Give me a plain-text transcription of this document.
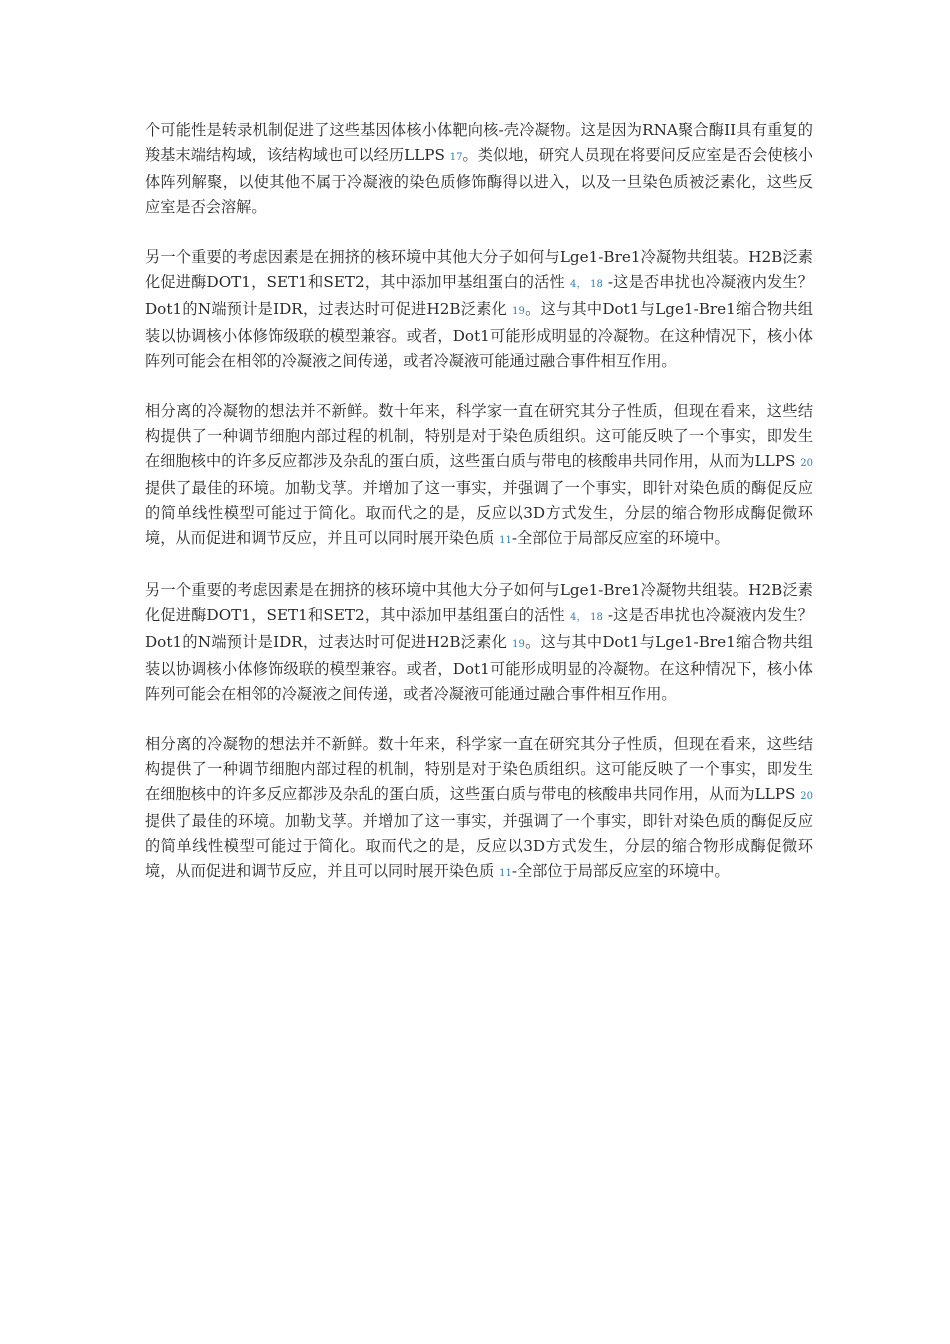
个可能性是转录机制促进了这些基因体核小体靶向核-壳冷凝物。这是因为RNA聚合酶II具有重复的羧基末端结构域，该结构域也可以经历LLPS 17。类似地，研究人员现在将要问反应室是否会使核小体阵列解聚，以使其他不属于冷凝液的染色质修饰酶得以进入，以及一旦染色质被泛素化，这些反应室是否会溶解。

另一个重要的考虑因素是在拥挤的核环境中其他大分子如何与Lge1-Bre1冷凝物共组装。H2B泛素化促进酶DOT1，SET1和SET2，其中添加甲基组蛋白的活性 4， 18 -这是否串扰也冷凝液内发生？Dot1的N端预计是IDR，过表达时可促进H2B泛素化 19。这与其中Dot1与Lge1-Bre1缩合物共组装以协调核小体修饰级联的模型兼容。或者，Dot1可能形成明显的冷凝物。在这种情况下，核小体阵列可能会在相邻的冷凝液之间传递，或者冷凝液可能通过融合事件相互作用。

相分离的冷凝物的想法并不新鲜。数十年来，科学家一直在研究其分子性质，但现在看来，这些结构提供了一种调节细胞内部过程的机制，特别是对于染色质组织。这可能反映了一个事实，即发生在细胞核中的许多反应都涉及杂乱的蛋白质，这些蛋白质与带电的核酸串共同作用，从而为LLPS 20 提供了最佳的环境。加勒戈莩。并增加了这一事实，并强调了一个事实，即针对染色质的酶促反应的简单线性模型可能过于简化。取而代之的是，反应以3D方式发生，分层的缩合物形成酶促微环境，从而促进和调节反应，并且可以同时展开染色质 11-全部位于局部反应室的环境中。

另一个重要的考虑因素是在拥挤的核环境中其他大分子如何与Lge1-Bre1冷凝物共组装。H2B泛素化促进酶DOT1，SET1和SET2，其中添加甲基组蛋白的活性 4， 18 -这是否串扰也冷凝液内发生？Dot1的N端预计是IDR，过表达时可促进H2B泛素化 19。这与其中Dot1与Lge1-Bre1缩合物共组装以协调核小体修饰级联的模型兼容。或者，Dot1可能形成明显的冷凝物。在这种情况下，核小体阵列可能会在相邻的冷凝液之间传递，或者冷凝液可能通过融合事件相互作用。

相分离的冷凝物的想法并不新鲜。数十年来，科学家一直在研究其分子性质，但现在看来，这些结构提供了一种调节细胞内部过程的机制，特别是对于染色质组织。这可能反映了一个事实，即发生在细胞核中的许多反应都涉及杂乱的蛋白质，这些蛋白质与带电的核酸串共同作用，从而为LLPS 20 提供了最佳的环境。加勒戈莩。并增加了这一事实，并强调了一个事实，即针对染色质的酶促反应的简单线性模型可能过于简化。取而代之的是，反应以3D方式发生，分层的缩合物形成酶促微环境，从而促进和调节反应，并且可以同时展开染色质 11-全部位于局部反应室的环境中。
